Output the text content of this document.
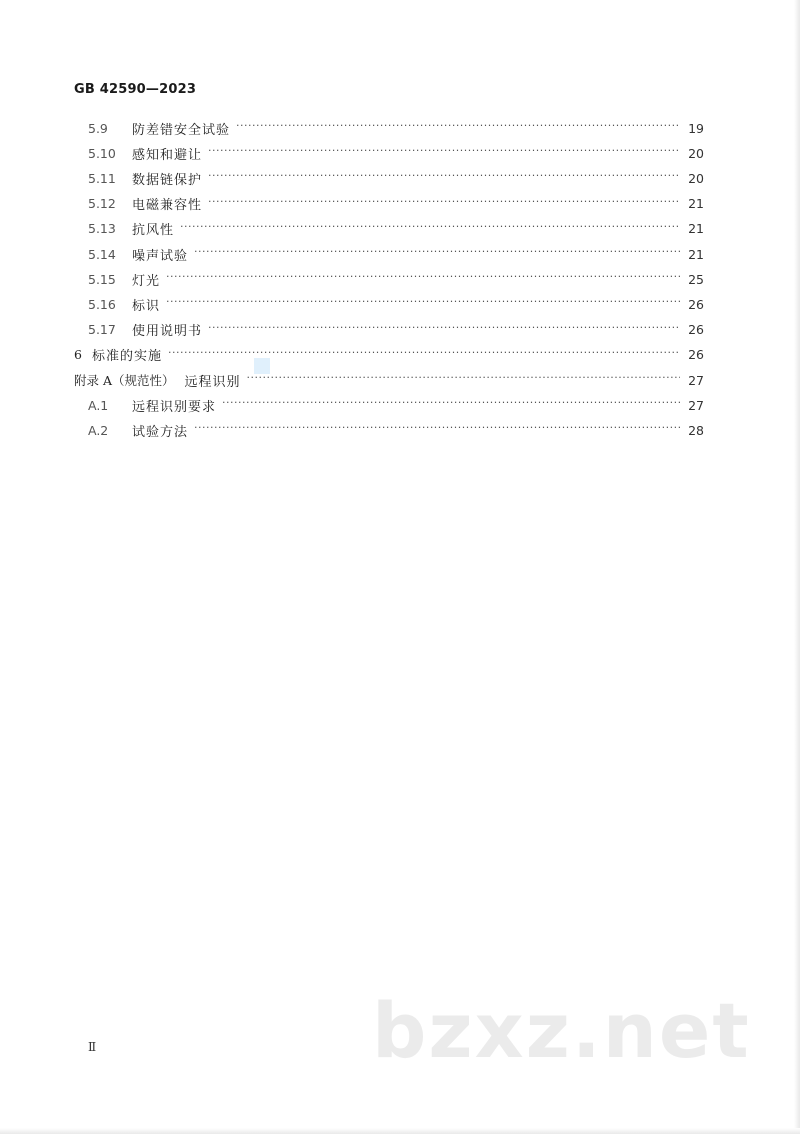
GB 42590—2023
5.9	防差错安全试验 ·····	19
5.10	感知和避让 ·····	20
5.11	数据链保护 ·····	20
5.12	电磁兼容性 ·····	21
5.13	抗风性 ·····	21
5.14	噪声试验 ·····	21
5.15	灯光 ·····	25
5.16	标识 ·····	26
5.17	使用说明书 ·····	26
6 标准的实施 ·····	26
附录 A（规范性） 远程识别 ·····	27
A.1	远程识别要求 ·····	27
A.2	试验方法 ·····	28
Ⅱ	bzxz.net
